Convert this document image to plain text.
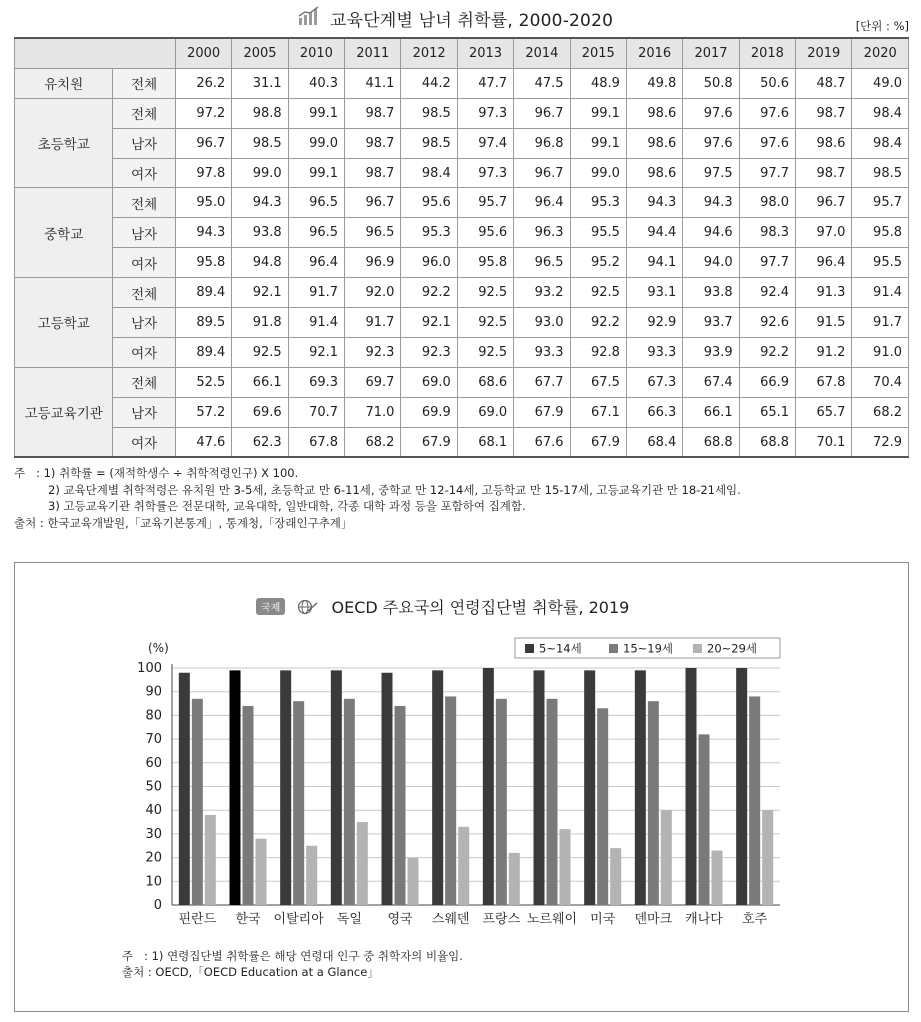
교육단계별 남녀 취학률, 2000-2020	[단위 : %]
		2000	2005	2010	2011	2012	2013	2014	2015	2016	2017	2018	2019	2020
유치원	전체	26.2	31.1	40.3	41.1	44.2	47.7	47.5	48.9	49.8	50.8	50.6	48.7	49.0
초등학교	전체	97.2	98.8	99.1	98.7	98.5	97.3	96.7	99.1	98.6	97.6	97.6	98.7	98.4
	남자	96.7	98.5	99.0	98.7	98.5	97.4	96.8	99.1	98.6	97.6	97.6	98.6	98.4
	여자	97.8	99.0	99.1	98.7	98.4	97.3	96.7	99.0	98.6	97.5	97.7	98.7	98.5
중학교	전체	95.0	94.3	96.5	96.7	95.6	95.7	96.4	95.3	94.3	94.3	98.0	96.7	95.7
	남자	94.3	93.8	96.5	96.5	95.3	95.6	96.3	95.5	94.4	94.6	98.3	97.0	95.8
	여자	95.8	94.8	96.4	96.9	96.0	95.8	96.5	95.2	94.1	94.0	97.7	96.4	95.5
고등학교	전체	89.4	92.1	91.7	92.0	92.2	92.5	93.2	92.5	93.1	93.8	92.4	91.3	91.4
	남자	89.5	91.8	91.4	91.7	92.1	92.5	93.0	92.2	92.9	93.7	92.6	91.5	91.7
	여자	89.4	92.5	92.1	92.3	92.3	92.5	93.3	92.8	93.3	93.9	92.2	91.2	91.0
고등교육기관	전체	52.5	66.1	69.3	69.7	69.0	68.6	67.7	67.5	67.3	67.4	66.9	67.8	70.4
	남자	57.2	69.6	70.7	71.0	69.9	69.0	67.9	67.1	66.3	66.1	65.1	65.7	68.2
	여자	47.6	62.3	67.8	68.2	67.9	68.1	67.6	67.9	68.4	68.8	68.8	70.1	72.9
주   : 1) 취학률 = (재적학생수 ÷ 취학적령인구) X 100.
2) 교육단계별 취학적령은 유치원 만 3-5세, 초등학교 만 6-11세, 중학교 만 12-14세, 고등학교 만 15-17세, 고등교육기관 만 18-21세임.
3) 고등교육기관 취학률은 전문대학, 교육대학, 일반대학, 각종 대학 과정 등을 포함하여 집계함.
출처 : 한국교육개발원,「교육기본통계」, 통계청,「장래인구추계」
국제	OECD 주요국의 연령집단별 취학률, 2019
(%)
0
10
20
30
40
50
60
70
80
90
100
핀란드 한국 이탈리아 독일 영국 스웨덴 프랑스 노르웨이 미국 덴마크 캐나다 호주
5~14세	15~19세	20~29세
주   : 1) 연령집단별 취학률은 해당 연령대 인구 중 취학자의 비율임.
출처 : OECD,「OECD Education at a Glance」
